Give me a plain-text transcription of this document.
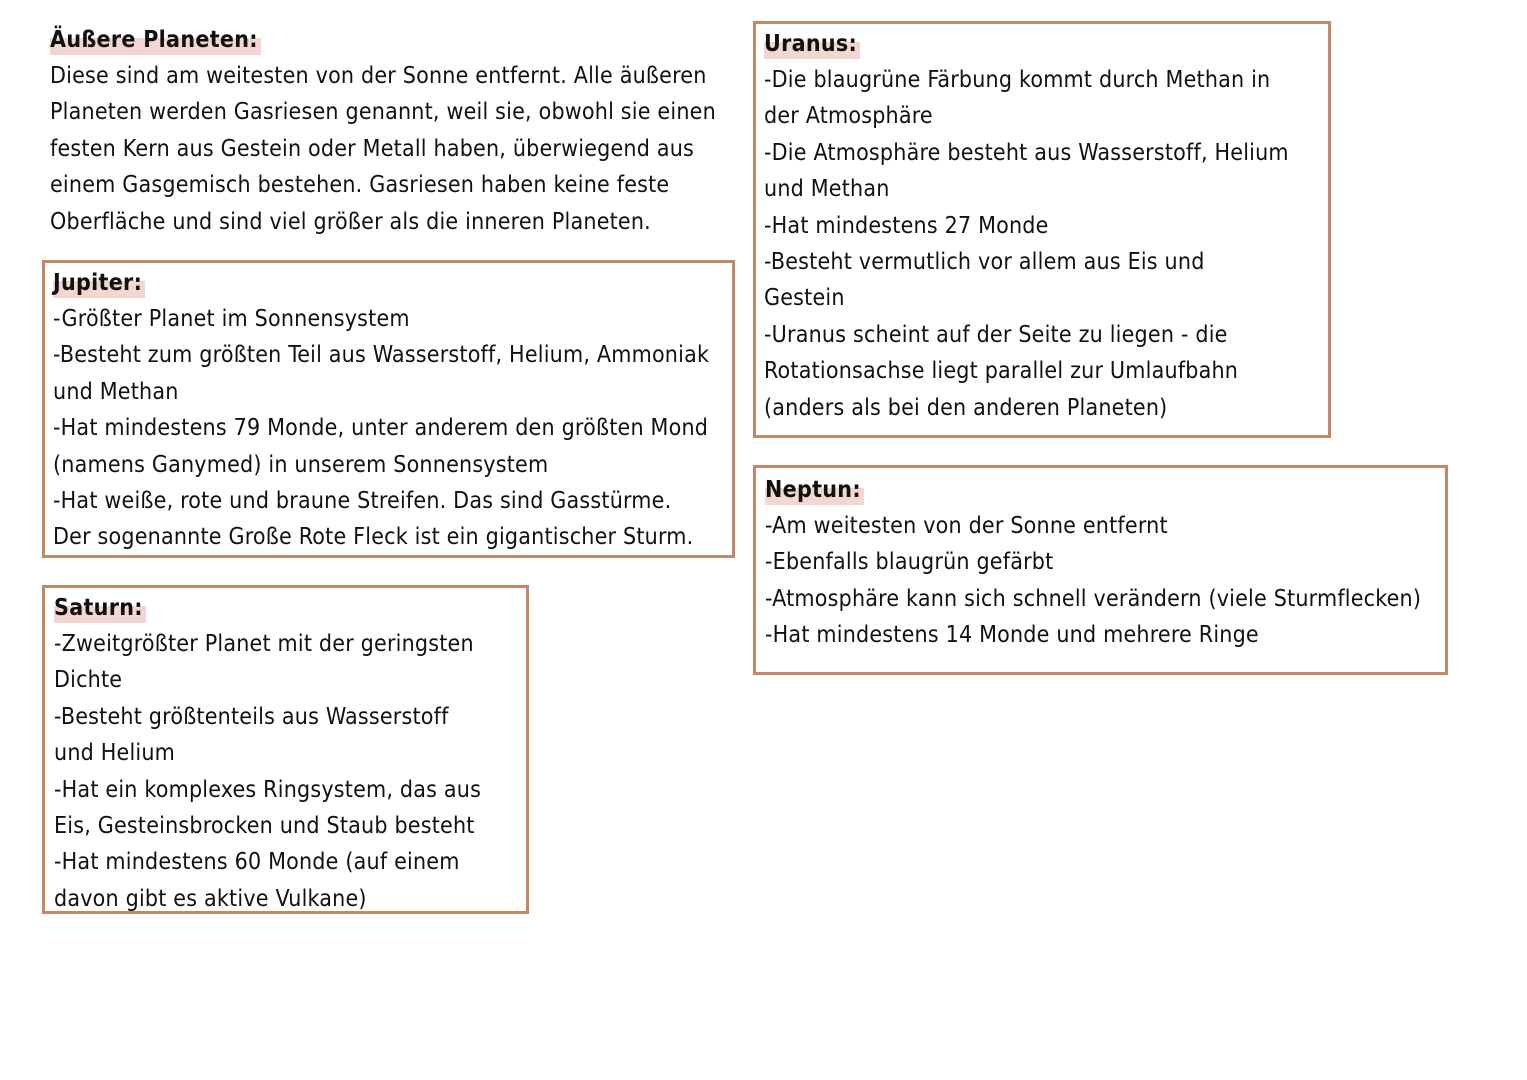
Äußere Planeten:
Diese sind am weitesten von der Sonne entfernt. Alle äußeren
Planeten werden Gasriesen genannt, weil sie, obwohl sie einen
festen Kern aus Gestein oder Metall haben, überwiegend aus
einem Gasgemisch bestehen. Gasriesen haben keine feste
Oberfläche und sind viel größer als die inneren Planeten.
Jupiter:
-Größter Planet im Sonnensystem
-Besteht zum größten Teil aus Wasserstoff, Helium, Ammoniak
und Methan
-Hat mindestens 79 Monde, unter anderem den größten Mond
(namens Ganymed) in unserem Sonnensystem
-Hat weiße, rote und braune Streifen. Das sind Gasstürme.
Der sogenannte Große Rote Fleck ist ein gigantischer Sturm.
Saturn:
-Zweitgrößter Planet mit der geringsten
Dichte
-Besteht größtenteils aus Wasserstoff
und Helium
-Hat ein komplexes Ringsystem, das aus
Eis, Gesteinsbrocken und Staub besteht
-Hat mindestens 60 Monde (auf einem
davon gibt es aktive Vulkane)
Uranus:
-Die blaugrüne Färbung kommt durch Methan in
der Atmosphäre
-Die Atmosphäre besteht aus Wasserstoff, Helium
und Methan
-Hat mindestens 27 Monde
-Besteht vermutlich vor allem aus Eis und
Gestein
-Uranus scheint auf der Seite zu liegen - die
Rotationsachse liegt parallel zur Umlaufbahn
(anders als bei den anderen Planeten)
Neptun:
-Am weitesten von der Sonne entfernt
-Ebenfalls blaugrün gefärbt
-Atmosphäre kann sich schnell verändern (viele Sturmflecken)
-Hat mindestens 14 Monde und mehrere Ringe
